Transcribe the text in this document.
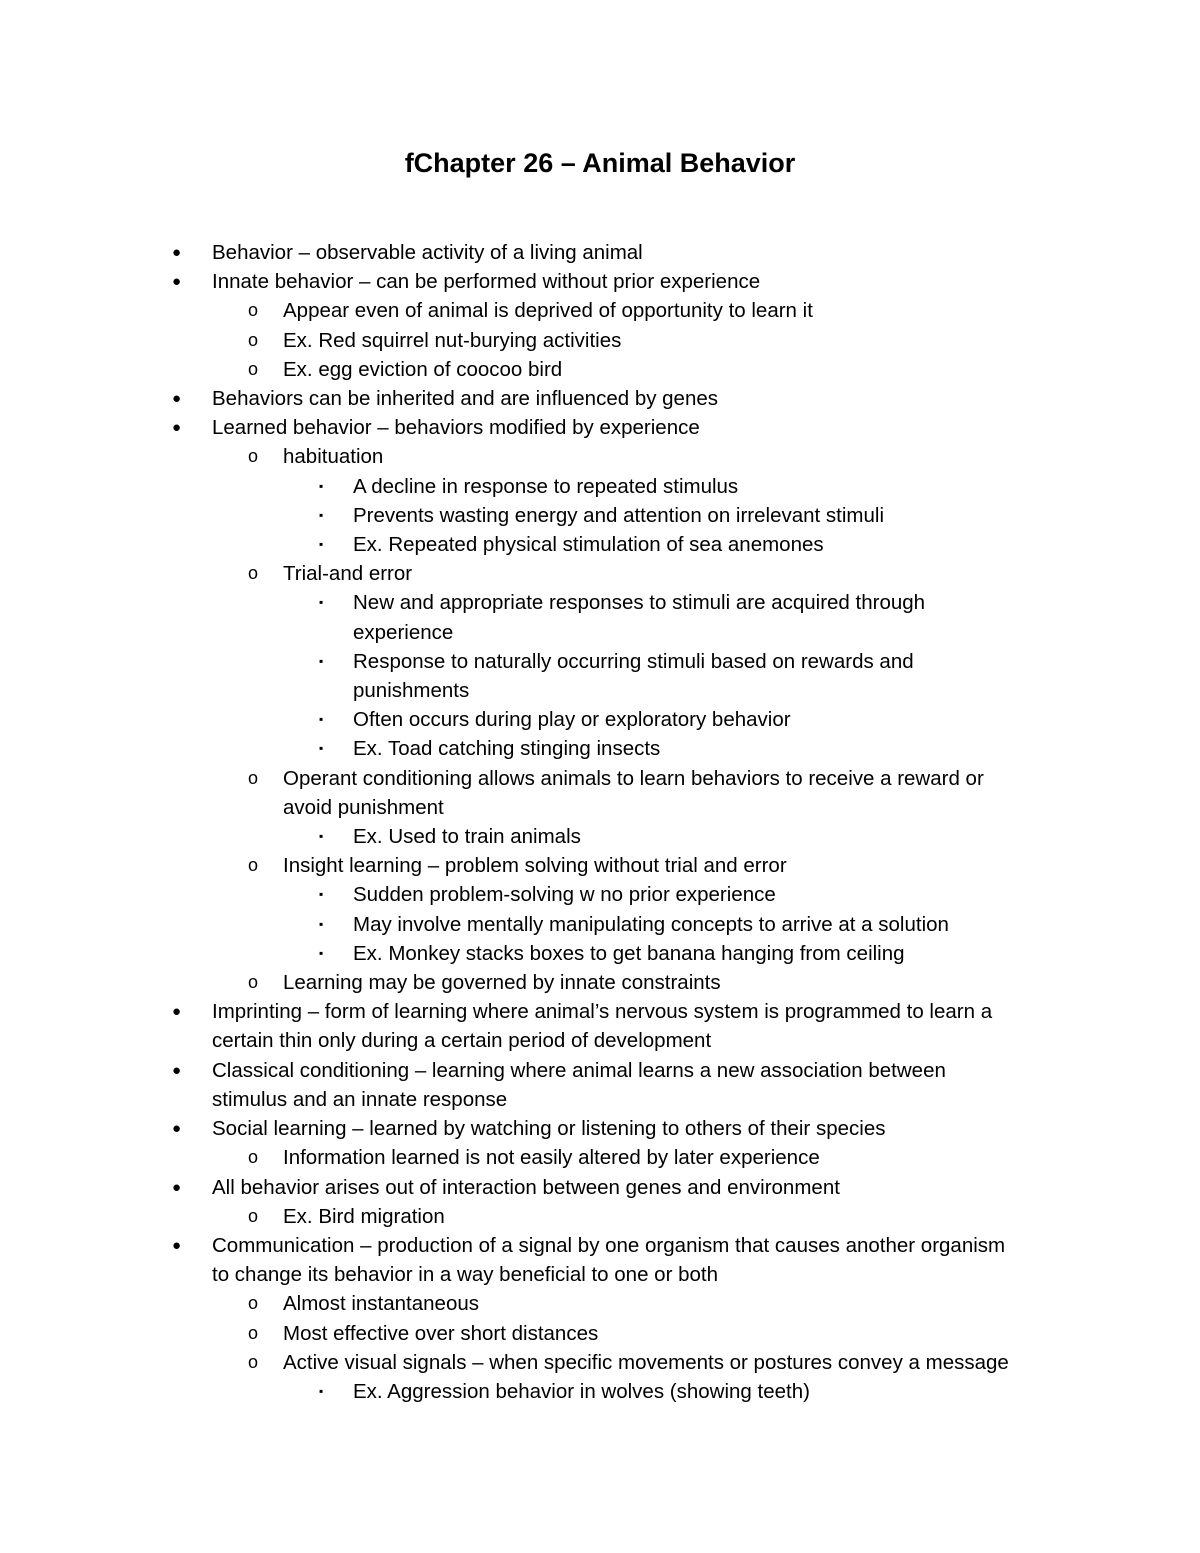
fChapter 26 – Animal Behavior
● Behavior – observable activity of a living animal
● Innate behavior – can be performed without prior experience
o Appear even of animal is deprived of opportunity to learn it
o Ex. Red squirrel nut-burying activities
o Ex. egg eviction of coocoo bird
● Behaviors can be inherited and are influenced by genes
● Learned behavior – behaviors modified by experience
o habituation
▪ A decline in response to repeated stimulus
▪ Prevents wasting energy and attention on irrelevant stimuli
▪ Ex. Repeated physical stimulation of sea anemones
o Trial-and error
▪ New and appropriate responses to stimuli are acquired through
experience
▪ Response to naturally occurring stimuli based on rewards and
punishments
▪ Often occurs during play or exploratory behavior
▪ Ex. Toad catching stinging insects
o Operant conditioning allows animals to learn behaviors to receive a reward or
avoid punishment
▪ Ex. Used to train animals
o Insight learning – problem solving without trial and error
▪ Sudden problem-solving w no prior experience
▪ May involve mentally manipulating concepts to arrive at a solution
▪ Ex. Monkey stacks boxes to get banana hanging from ceiling
o Learning may be governed by innate constraints
● Imprinting – form of learning where animal’s nervous system is programmed to learn a
certain thin only during a certain period of development
● Classical conditioning – learning where animal learns a new association between
stimulus and an innate response
● Social learning – learned by watching or listening to others of their species
o Information learned is not easily altered by later experience
● All behavior arises out of interaction between genes and environment
o Ex. Bird migration
● Communication – production of a signal by one organism that causes another organism
to change its behavior in a way beneficial to one or both
o Almost instantaneous
o Most effective over short distances
o Active visual signals – when specific movements or postures convey a message
▪ Ex. Aggression behavior in wolves (showing teeth)
